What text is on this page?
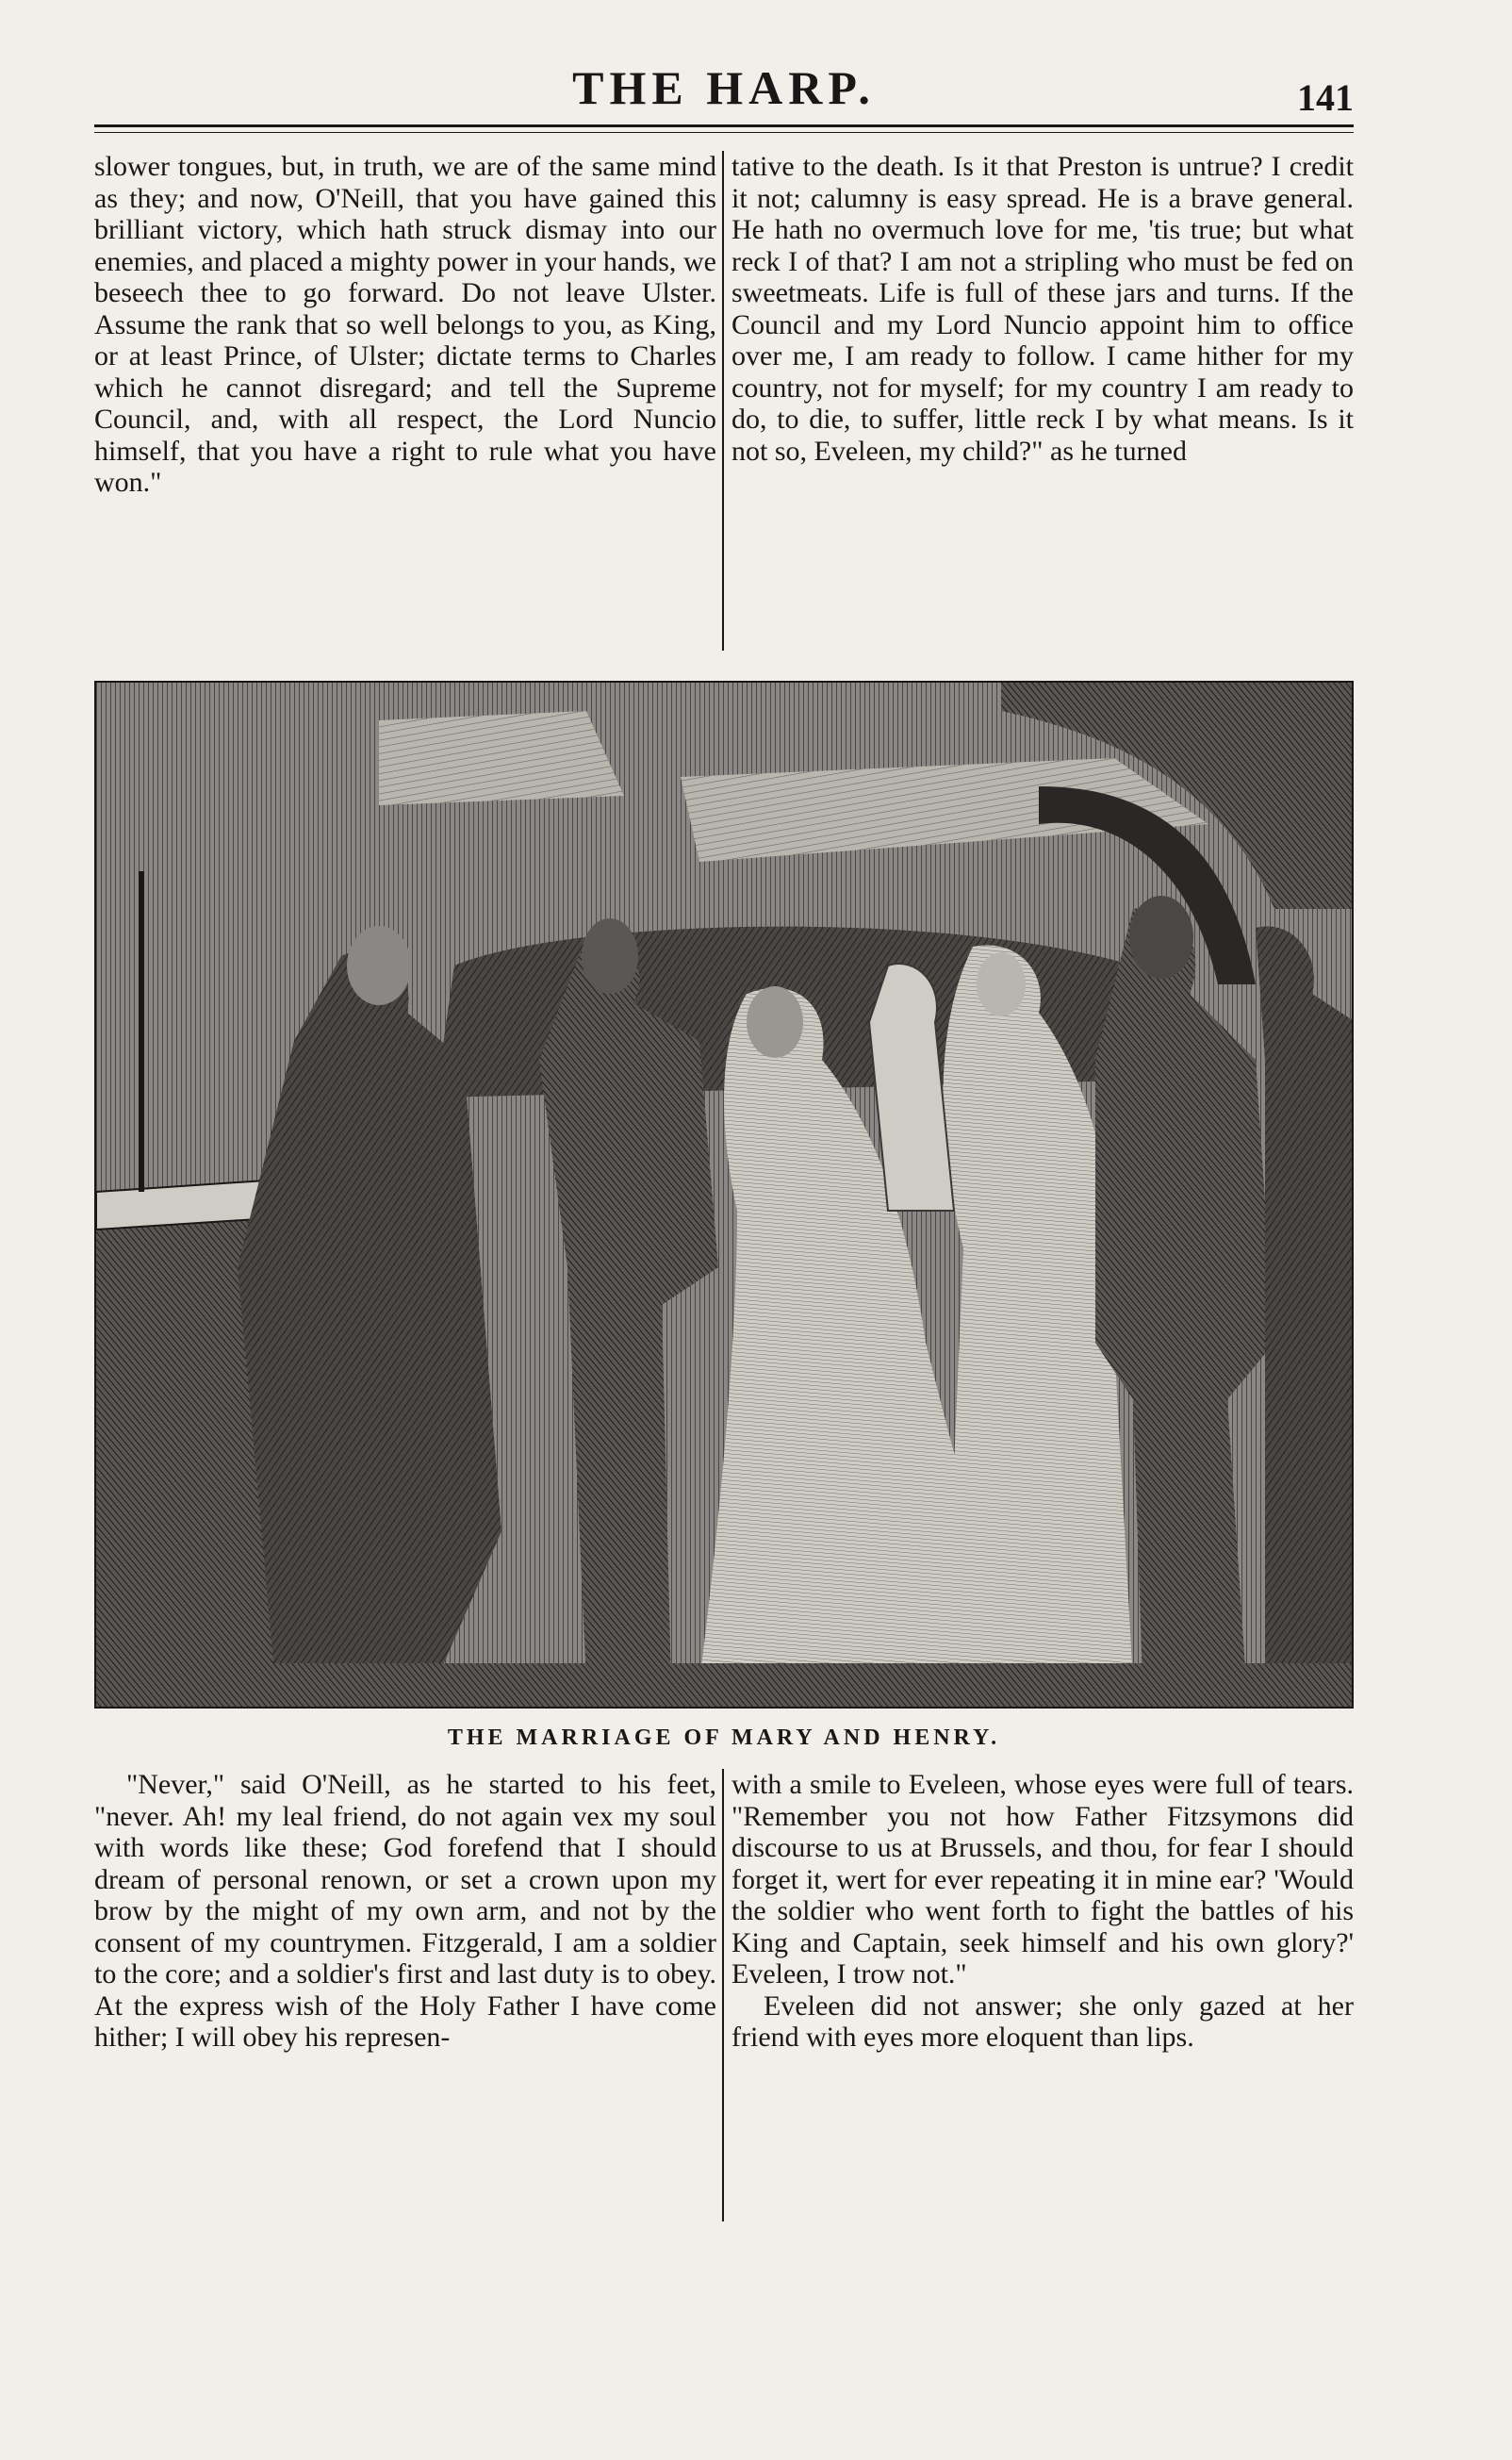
THE HARP.	141

slower tongues, but, in truth, we are of the same mind as they; and now, O'Neill, that you have gained this brilliant victory, which hath struck dismay into our enemies, and placed a mighty power in your hands, we beseech thee to go forward. Do not leave Ulster. Assume the rank that so well belongs to you, as King, or at least Prince, of Ulster; dictate terms to Charles which he cannot disregard; and tell the Supreme Council, and, with all respect, the Lord Nuncio himself, that you have a right to rule what you have won."

tative to the death. Is it that Preston is untrue? I credit it not; calumny is easy spread. He is a brave general. He hath no overmuch love for me, 'tis true; but what reck I of that? I am not a stripling who must be fed on sweetmeats. Life is full of these jars and turns. If the Council and my Lord Nuncio appoint him to office over me, I am ready to follow. I came hither for my country, not for myself; for my country I am ready to do, to die, to suffer, little reck I by what means. Is it not so, Eveleen, my child?" as he turned

THE MARRIAGE OF MARY AND HENRY.

"Never," said O'Neill, as he started to his feet, "never. Ah! my leal friend, do not again vex my soul with words like these; God forefend that I should dream of personal renown, or set a crown upon my brow by the might of my own arm, and not by the consent of my countrymen. Fitzgerald, I am a soldier to the core; and a soldier's first and last duty is to obey. At the express wish of the Holy Father I have come hither; I will obey his represen-

with a smile to Eveleen, whose eyes were full of tears. "Remember you not how Father Fitzsymons did discourse to us at Brussels, and thou, for fear I should forget it, wert for ever repeating it in mine ear? 'Would the soldier who went forth to fight the battles of his King and Captain, seek himself and his own glory?' Eveleen, I trow not."

Eveleen did not answer; she only gazed at her friend with eyes more eloquent than lips.
